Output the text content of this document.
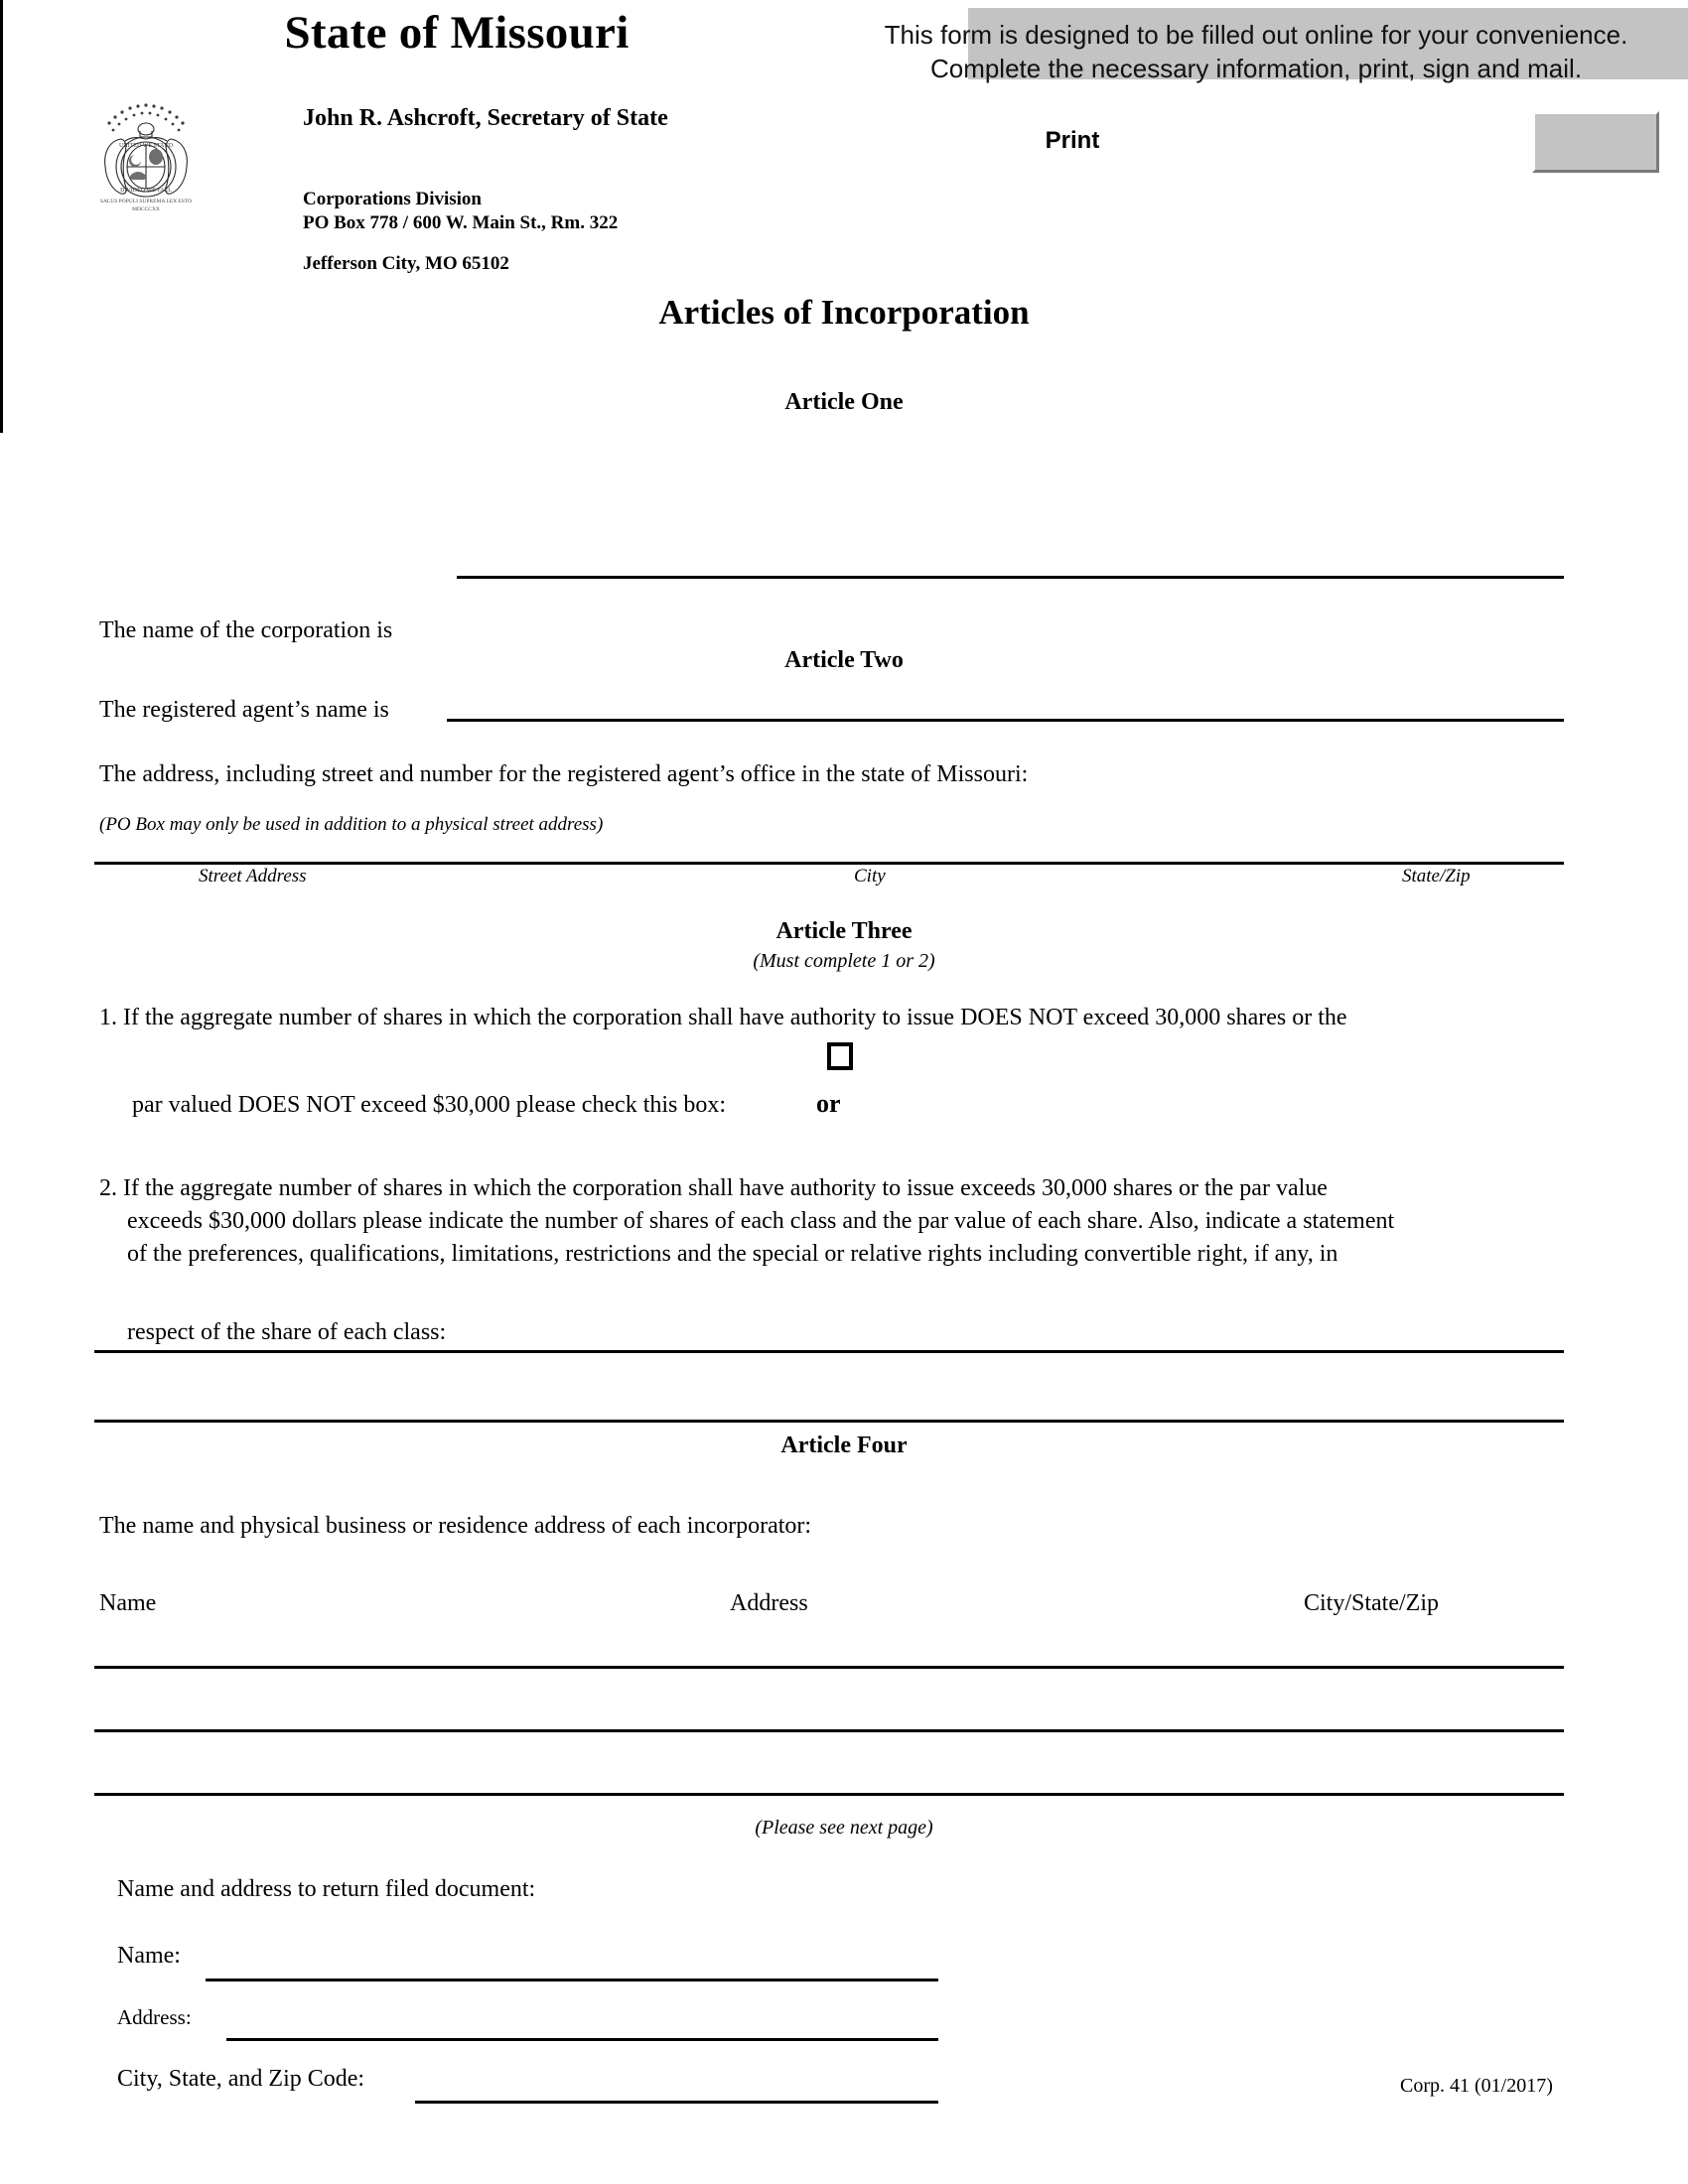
This form is designed to be filled out online for your convenience.
Complete the necessary information, print, sign and mail.
State of Missouri
SALUS POPULI SUPREMA LEX ESTO
MDCCCXX
UNITED WE STAND
DIVIDED WE FALL
John R. Ashcroft, Secretary of State
Corporations Division
PO Box 778 / 600 W. Main St., Rm. 322
Jefferson City, MO 65102
Print
Articles of Incorporation
Article One
The name of the corporation is
Article Two
The registered agent’s name is
The address, including street and number for the registered agent’s office in the state of Missouri:
(PO Box may only be used in addition to a physical street address)
Street Address	City	State/Zip
Article Three
(Must complete 1 or 2)
1. If the aggregate number of shares in which the corporation shall have authority to issue DOES NOT exceed 30,000 shares or the
par valued DOES NOT exceed $30,000 please check this box:	or
2. If the aggregate number of shares in which the corporation shall have authority to issue exceeds 30,000 shares or the par value
exceeds $30,000 dollars please indicate the number of shares of each class and the par value of each share. Also, indicate a statement
of the preferences, qualifications, limitations, restrictions and the special or relative rights including convertible right, if any, in
respect of the share of each class:
Article Four
The name and physical business or residence address of each incorporator:
Name	Address	City/State/Zip
(Please see next page)
Name and address to return filed document:
Name:
Address:
City, State, and Zip Code:	Corp. 41 (01/2017)
